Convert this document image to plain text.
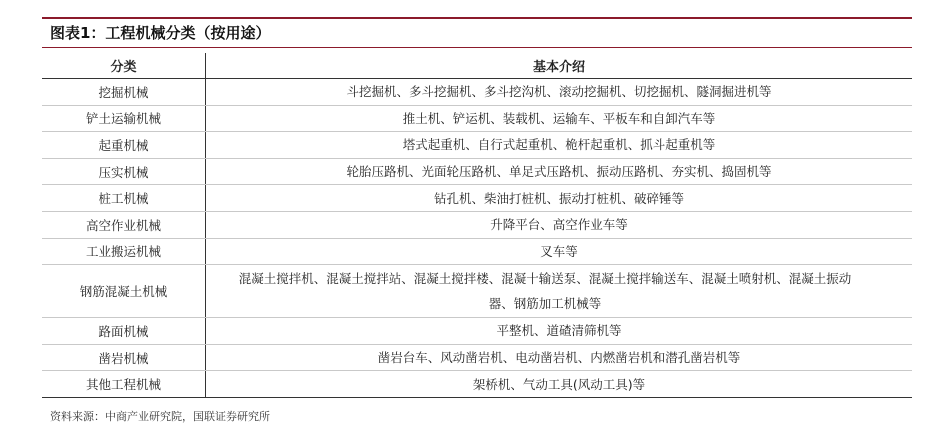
图表1：工程机械分类（按用途）
分类	基本介绍
挖掘机械	斗挖掘机、多斗挖掘机、多斗挖沟机、滚动挖掘机、切挖掘机、隧洞掘进机等
铲土运输机械	推土机、铲运机、装载机、运输车、平板车和自卸汽车等
起重机械	塔式起重机、自行式起重机、桅杆起重机、抓斗起重机等
压实机械	轮胎压路机、光面轮压路机、单足式压路机、振动压路机、夯实机、捣固机等
桩工机械	钻孔机、柴油打桩机、振动打桩机、破碎锤等
高空作业机械	升降平台、高空作业车等
工业搬运机械	叉车等
钢筋混凝土机械	混凝土搅拌机、混凝土搅拌站、混凝土搅拌楼、混凝十输送泵、混凝土搅拌输送车、混凝土喷射机、混凝土振动器、钢筋加工机械等
路面机械	平整机、道碴清筛机等
凿岩机械	凿岩台车、风动凿岩机、电动凿岩机、内燃凿岩机和潜孔凿岩机等
其他工程机械	架桥机、气动工具(风动工具)等
资料来源：中商产业研究院，国联证券研究所
